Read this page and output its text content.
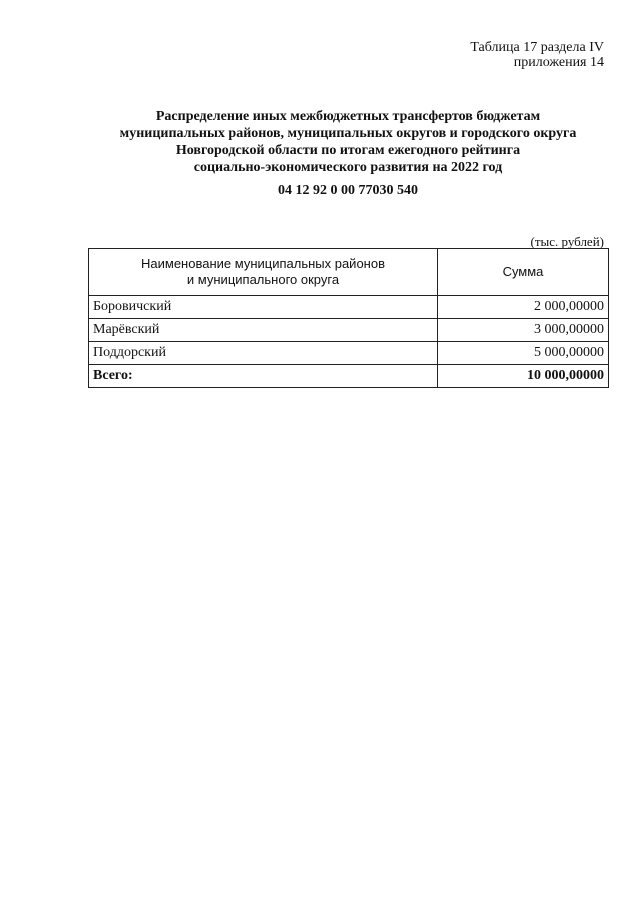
Таблица 17 раздела IV
приложения 14
Распределение иных межбюджетных трансфертов бюджетам
муниципальных районов, муниципальных округов и городского округа
Новгородской области по итогам ежегодного рейтинга
социально-экономического развития на 2022 год
04 12 92 0 00 77030 540
(тыс. рублей)
Наименование муниципальных районов
и муниципального округа	Сумма
Боровичский	2 000,00000
Марёвский	3 000,00000
Поддорский	5 000,00000
Всего:	10 000,00000
